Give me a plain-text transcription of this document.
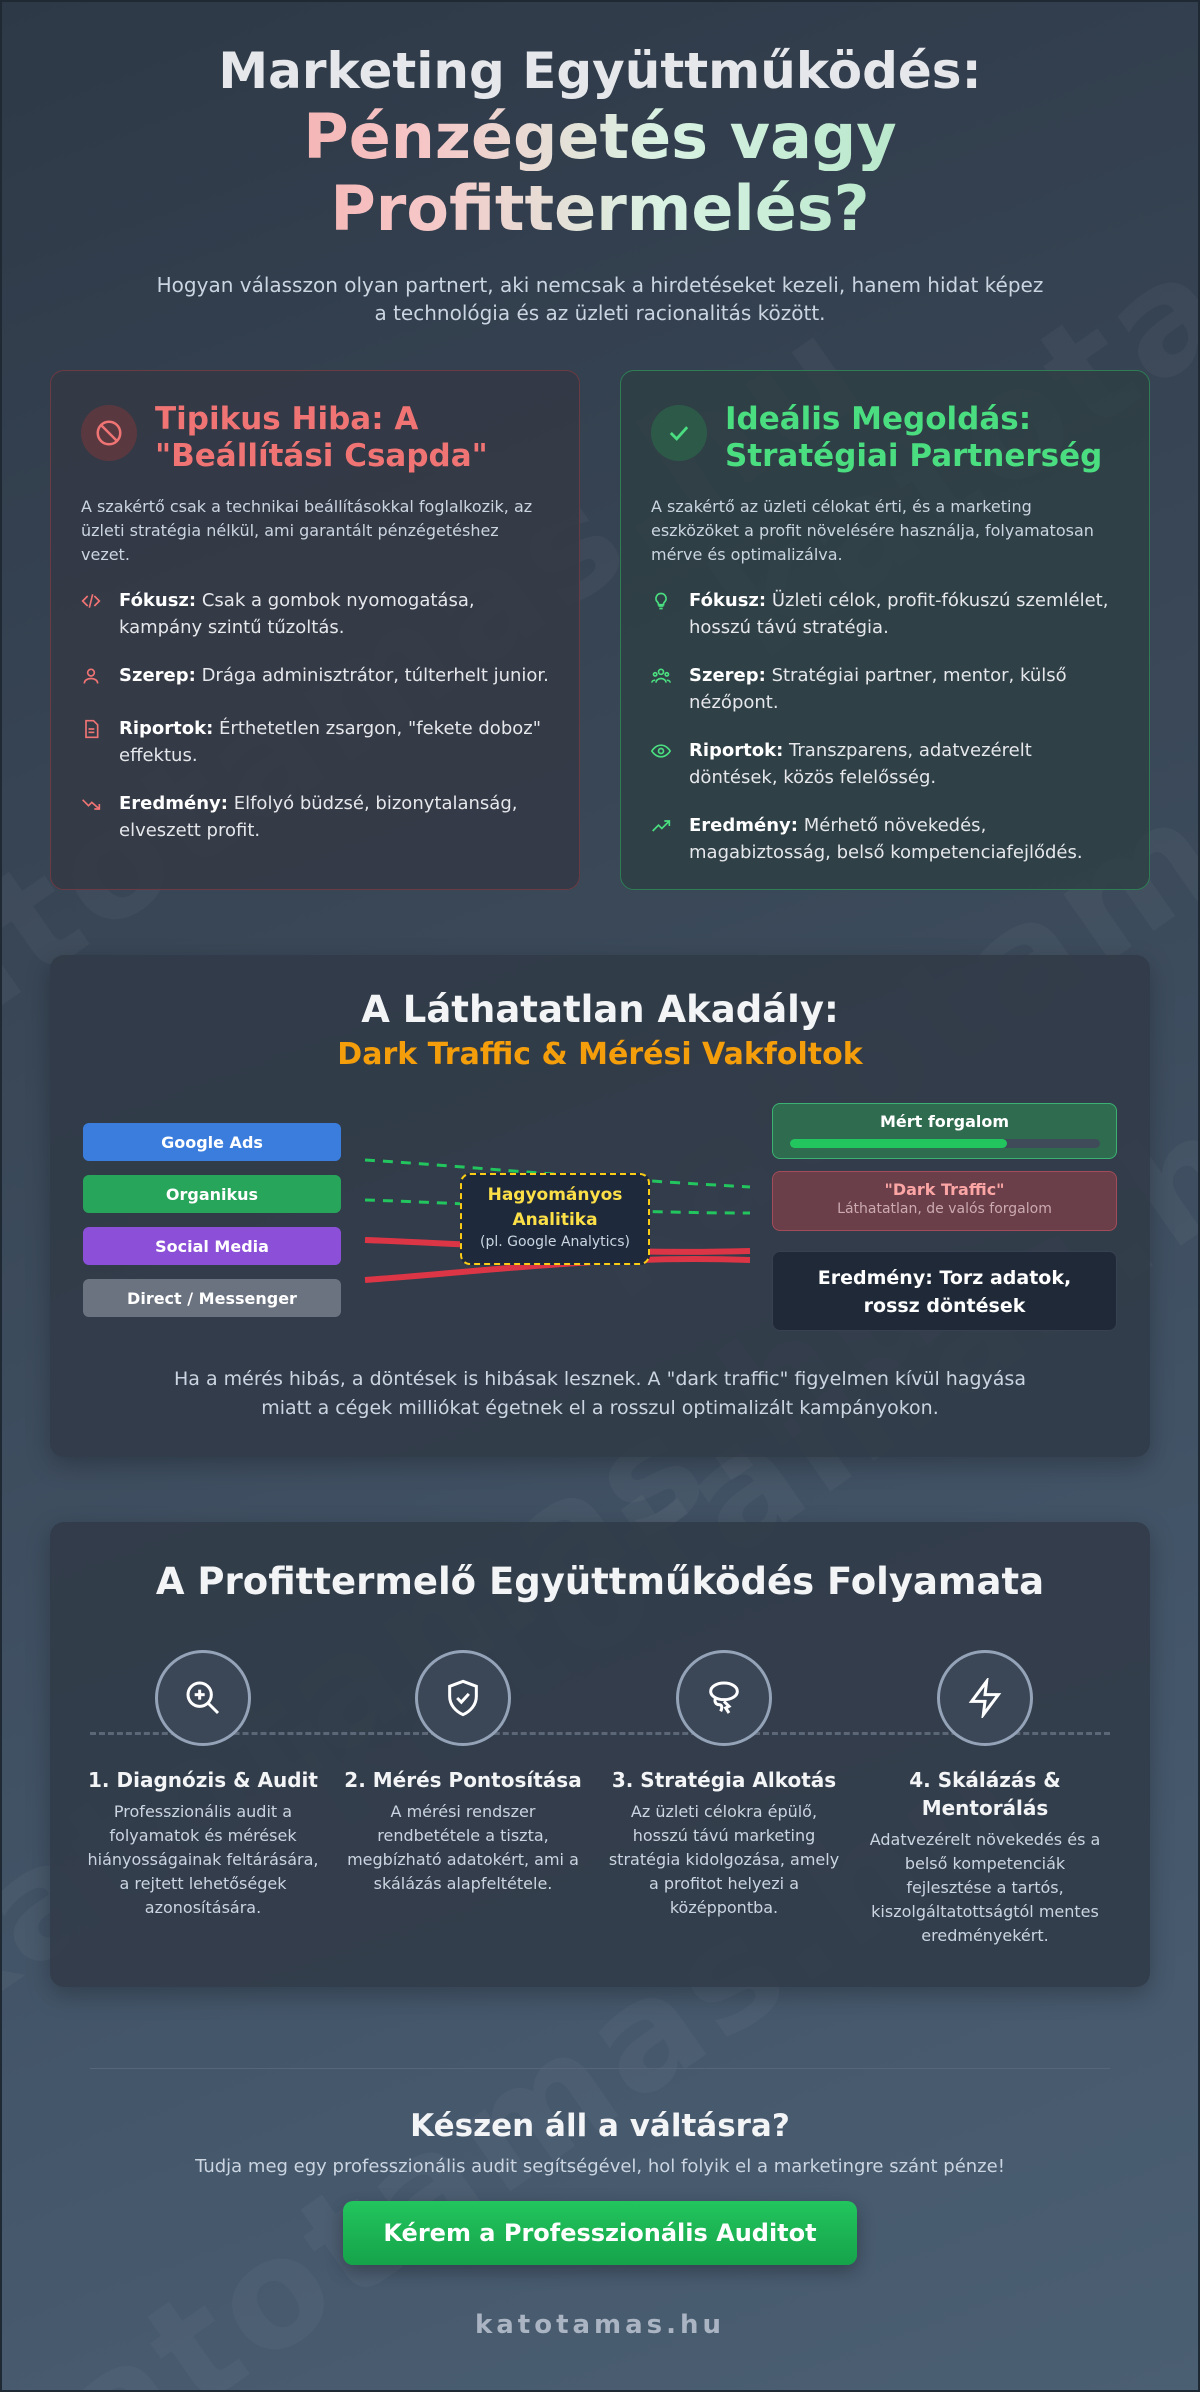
Marketing Együttműködés:
Pénzégetés vagy
Profittermelés?

Hogyan válasszon olyan partnert, aki nemcsak a hirdetéseket kezeli, hanem hidat képez a technológia és az üzleti racionalitás között.

Tipikus Hiba: A "Beállítási Csapda"

A szakértő csak a technikai beállításokkal foglalkozik, az üzleti stratégia nélkül, ami garantált pénzégetéshez vezet.

Fókusz: Csak a gombok nyomogatása, kampány szintű tűzoltás.
Szerep: Drága adminisztrátor, túlterhelt junior.
Riportok: Érthetetlen zsargon, "fekete doboz" effektus.
Eredmény: Elfolyó büdzsé, bizonytalanság, elveszett profit.
Ideális Megoldás: Stratégiai Partnerség

A szakértő az üzleti célokat érti, és a marketing eszközöket a profit növelésére használja, folyamatosan mérve és optimalizálva.

Fókusz: Üzleti célok, profit-fókuszú szemlélet, hosszú távú stratégia.
Szerep: Stratégiai partner, mentor, külső nézőpont.
Riportok: Transzparens, adatvezérelt döntések, közös felelősség.
Eredmény: Mérhető növekedés, magabiztosság, belső kompetenciafejlődés.
A Láthatatlan Akadály:
Dark Traffic & Mérési Vakfoltok
Google Ads
Organikus
Social Media
Direct / Messenger
Hagyományos Analitika
(pl. Google Analytics)
Mért forgalom
"Dark Traffic"
Láthatatlan, de valós forgalom
Eredmény: Torz adatok, rossz döntések

Ha a mérés hibás, a döntések is hibásak lesznek. A "dark traffic" figyelmen kívül hagyása miatt a cégek milliókat égetnek el a rosszul optimalizált kampányokon.

A Profittermelő Együttműködés Folyamata
1. Diagnózis & Audit

Professzionális audit a folyamatok és mérések hiányosságainak feltárására, a rejtett lehetőségek azonosítására.

2. Mérés Pontosítása

A mérési rendszer rendbetétele a tiszta, megbízható adatokért, ami a skálázás alapfeltétele.

3. Stratégia Alkotás

Az üzleti célokra épülő, hosszú távú marketing stratégia kidolgozása, amely a profitot helyezi a középpontba.

4. Skálázás & Mentorálás

Adatvezérelt növekedés és a belső kompetenciák fejlesztése a tartós, kiszolgáltatottságtól mentes eredményekért.

Készen áll a váltásra?

Tudja meg egy professzionális audit segítségével, hol folyik el a marketingre szánt pénze!

Kérem a Professzionális Auditot
katotamas.hu
